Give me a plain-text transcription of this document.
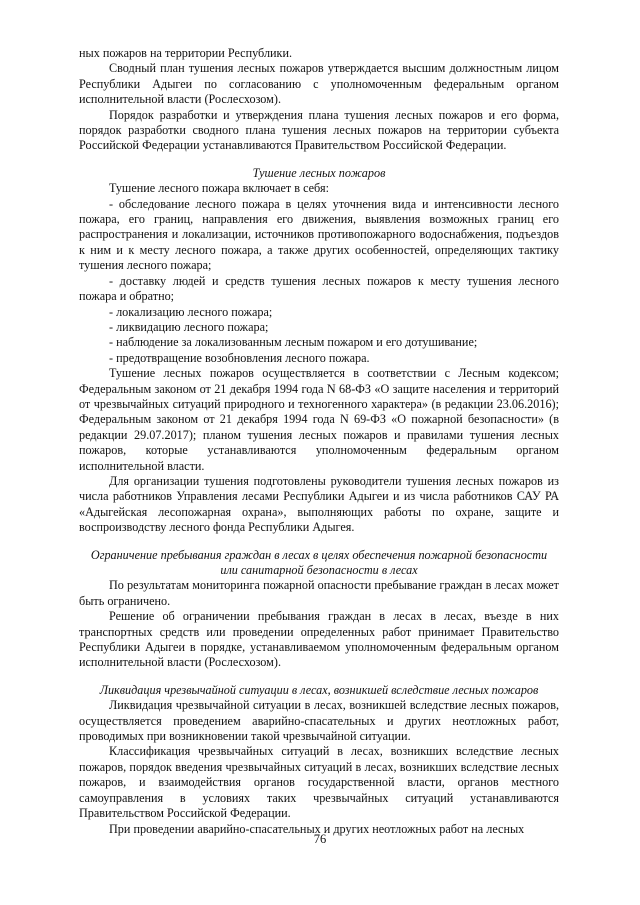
ных пожаров на территории Республики.

Сводный план тушения лесных пожаров утверждается высшим должностным лицом Республики Адыгеи по согласованию с уполномоченным федеральным органом исполнительной власти (Рослесхозом).

Порядок разработки и утверждения плана тушения лесных пожаров и его форма, порядок разработки сводного плана тушения лесных пожаров на территории субъекта Российской Федерации устанавливаются Правительством Российской Федерации.

Тушение лесных пожаров

Тушение лесного пожара включает в себя:

- обследование лесного пожара в целях уточнения вида и интенсивности лесного пожара, его границ, направления его движения, выявления возможных границ его распространения и локализации, источников противопожарного водоснабжения, подъездов к ним и к месту лесного пожара, а также других особенностей, определяющих тактику тушения лесного пожара;

- доставку людей и средств тушения лесных пожаров к месту тушения лесного пожара и обратно;

- локализацию лесного пожара;

- ликвидацию лесного пожара;

- наблюдение за локализованным лесным пожаром и его дотушивание;

- предотвращение возобновления лесного пожара.

Тушение лесных пожаров осуществляется в соответствии с Лесным кодексом; Федеральным законом от 21 декабря 1994 года N 68-ФЗ «О защите населения и территорий от чрезвычайных ситуаций природного и техногенного характера» (в редакции 23.06.2016); Федеральным законом от 21 декабря 1994 года N 69-ФЗ «О пожарной безопасности» (в редакции 29.07.2017); планом тушения лесных пожаров и правилами тушения лесных пожаров, которые устанавливаются уполномоченным федеральным органом исполнительной власти.

Для организации тушения подготовлены руководители тушения лесных пожаров из числа работников Управления лесами Республики Адыгеи и из числа работников САУ РА «Адыгейская лесопожарная охрана», выполняющих работы по охране, защите и воспроизводству лесного фонда Республики Адыгея.

Ограничение пребывания граждан в лесах в целях обеспечения пожарной безопасности
или санитарной безопасности в лесах

По результатам мониторинга пожарной опасности пребывание граждан в лесах может быть ограничено.

Решение об ограничении пребывания граждан в лесах в лесах, въезде в них транспортных средств или проведении определенных работ принимает Правительство Республики Адыгеи в порядке, устанавливаемом уполномоченным федеральным органом исполнительной власти (Рослесхозом).

Ликвидация чрезвычайной ситуации в лесах, возникшей вследствие лесных пожаров

Ликвидация чрезвычайной ситуации в лесах, возникшей вследствие лесных пожаров, осуществляется проведением аварийно-спасательных и других неотложных работ, проводимых при возникновении такой чрезвычайной ситуации.

Классификация чрезвычайных ситуаций в лесах, возникших вследствие лесных пожаров, порядок введения чрезвычайных ситуаций в лесах, возникших вследствие лесных пожаров, и взаимодействия органов государственной власти, органов местного самоуправления в условиях таких чрезвычайных ситуаций устанавливаются Правительством Российской Федерации.

При проведении аварийно-спасательных и других неотложных работ на лесных

76
